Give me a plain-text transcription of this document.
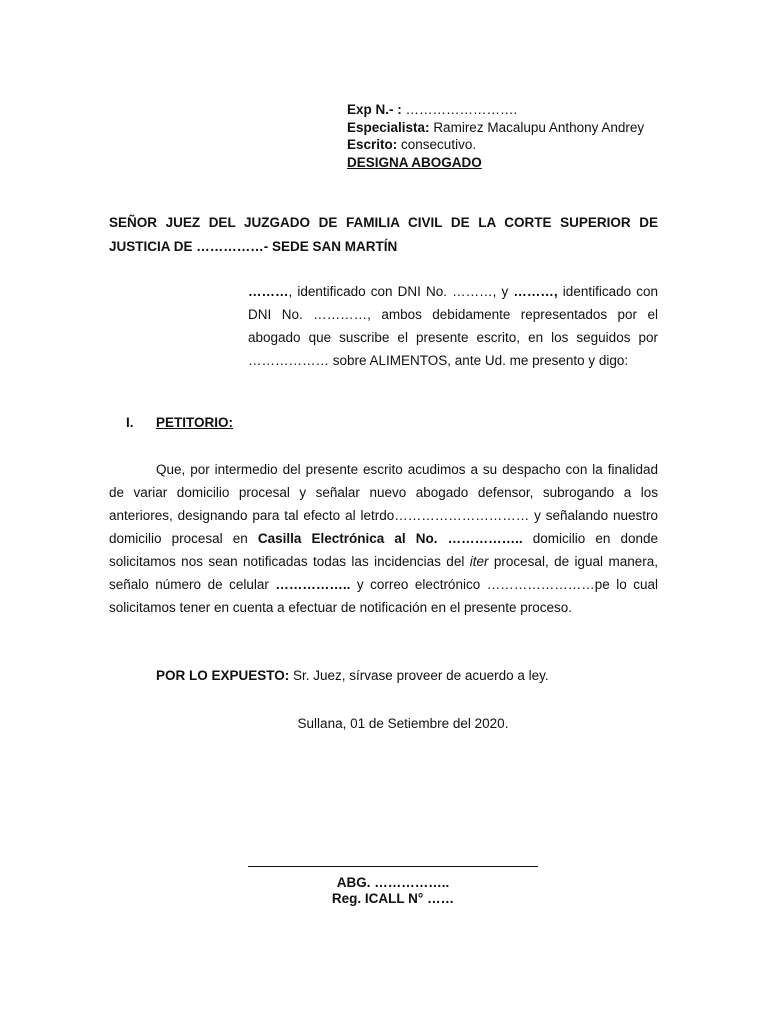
Exp N.- : …………………….
Especialista: Ramirez Macalupu Anthony Andrey
Escrito: consecutivo.
DESIGNA ABOGADO
SEÑOR JUEZ DEL JUZGADO DE FAMILIA CIVIL DE LA CORTE SUPERIOR DE
JUSTICIA DE ……………- SEDE SAN MARTÍN
………, identificado con DNI No. ………, y ………, identificado con DNI No. …………, ambos debidamente representados por el abogado que suscribe el presente escrito, en los seguidos por ……………… sobre ALIMENTOS, ante Ud. me presento y digo:
I. PETITORIO:
Que, por intermedio del presente escrito acudimos a su despacho con la finalidad de variar domicilio procesal y señalar nuevo abogado defensor, subrogando a los anteriores, designando para tal efecto al letrdo………………………… y señalando nuestro domicilio procesal en Casilla Electrónica al No. …………….. domicilio en donde solicitamos nos sean notificadas todas las incidencias del iter procesal, de igual manera, señalo número de celular …………….. y correo electrónico ……………………pe lo cual solicitamos tener en cuenta a efectuar de notificación en el presente proceso.
POR LO EXPUESTO: Sr. Juez, sírvase proveer de acuerdo a ley.
Sullana, 01 de Setiembre del 2020.
ABG. ……………..
Reg. ICALL N° ……
